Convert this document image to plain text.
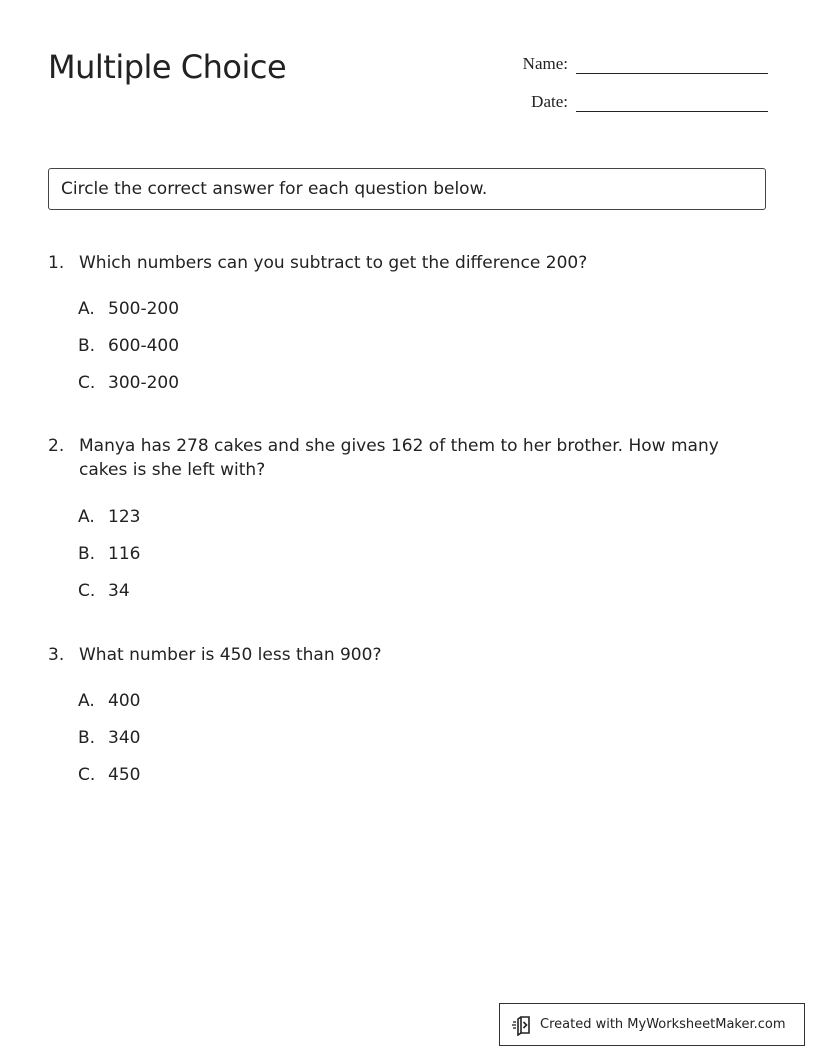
Multiple Choice	Name:
Date:
Circle the correct answer for each question below.
1. Which numbers can you subtract to get the difference 200?
A. 500-200
B. 600-400
C. 300-200
2. Manya has 278 cakes and she gives 162 of them to her brother. How many cakes is she left with?
A. 123
B. 116
C. 34
3. What number is 450 less than 900?
A. 400
B. 340
C. 450
Created with MyWorksheetMaker.com
